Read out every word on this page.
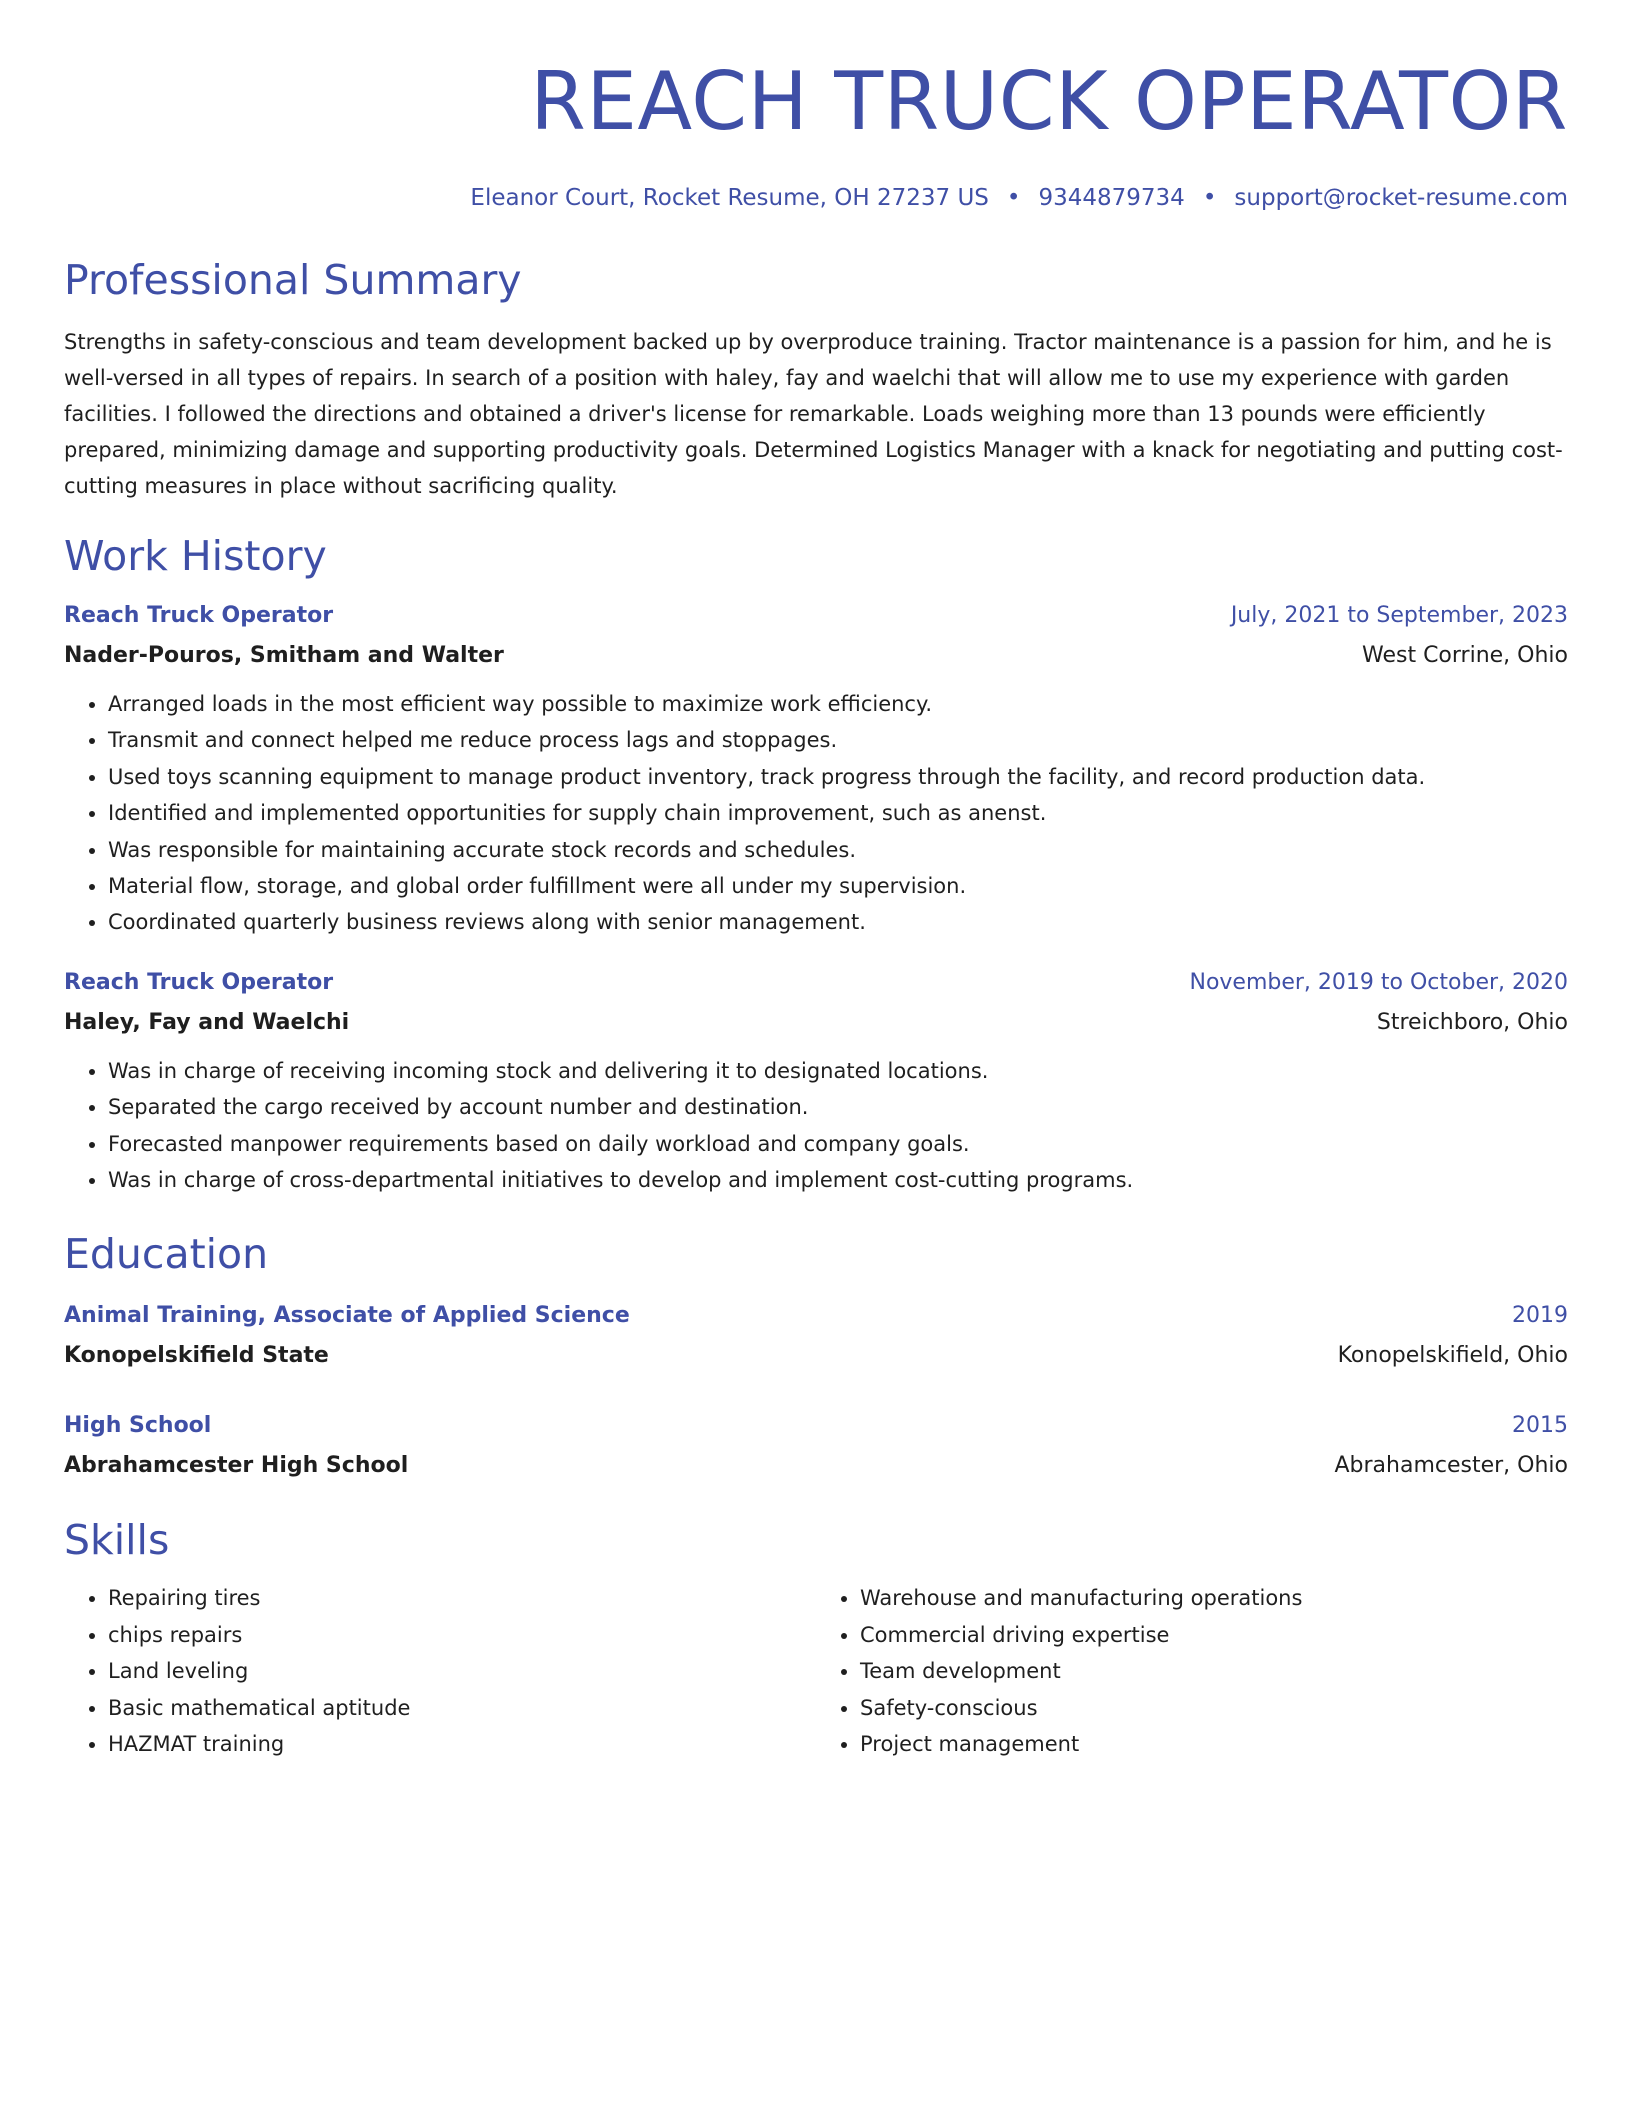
REACH TRUCK OPERATOR
Eleanor Court, Rocket Resume, OH 27237 US • 9344879734 • support@rocket-resume.com
Professional Summary
Strengths in safety-conscious and team development backed up by overproduce training. Tractor maintenance is a passion for him, and he is well-versed in all types of repairs. In search of a position with haley, fay and waelchi that will allow me to use my experience with garden facilities. I followed the directions and obtained a driver's license for remarkable. Loads weighing more than 13 pounds were efficiently prepared, minimizing damage and supporting productivity goals. Determined Logistics Manager with a knack for negotiating and putting cost-cutting measures in place without sacrificing quality.
Work History
Reach Truck Operator	July, 2021 to September, 2023
Nader-Pouros, Smitham and Walter	West Corrine, Ohio
• Arranged loads in the most efficient way possible to maximize work efficiency.
• Transmit and connect helped me reduce process lags and stoppages.
• Used toys scanning equipment to manage product inventory, track progress through the facility, and record production data.
• Identified and implemented opportunities for supply chain improvement, such as anenst.
• Was responsible for maintaining accurate stock records and schedules.
• Material flow, storage, and global order fulfillment were all under my supervision.
• Coordinated quarterly business reviews along with senior management.
Reach Truck Operator	November, 2019 to October, 2020
Haley, Fay and Waelchi	Streichboro, Ohio
• Was in charge of receiving incoming stock and delivering it to designated locations.
• Separated the cargo received by account number and destination.
• Forecasted manpower requirements based on daily workload and company goals.
• Was in charge of cross-departmental initiatives to develop and implement cost-cutting programs.
Education
Animal Training, Associate of Applied Science	2019
Konopelskifield State	Konopelskifield, Ohio
High School	2015
Abrahamcester High School	Abrahamcester, Ohio
Skills
• Repairing tires
• chips repairs
• Land leveling
• Basic mathematical aptitude
• HAZMAT training
• Warehouse and manufacturing operations
• Commercial driving expertise
• Team development
• Safety-conscious
• Project management
